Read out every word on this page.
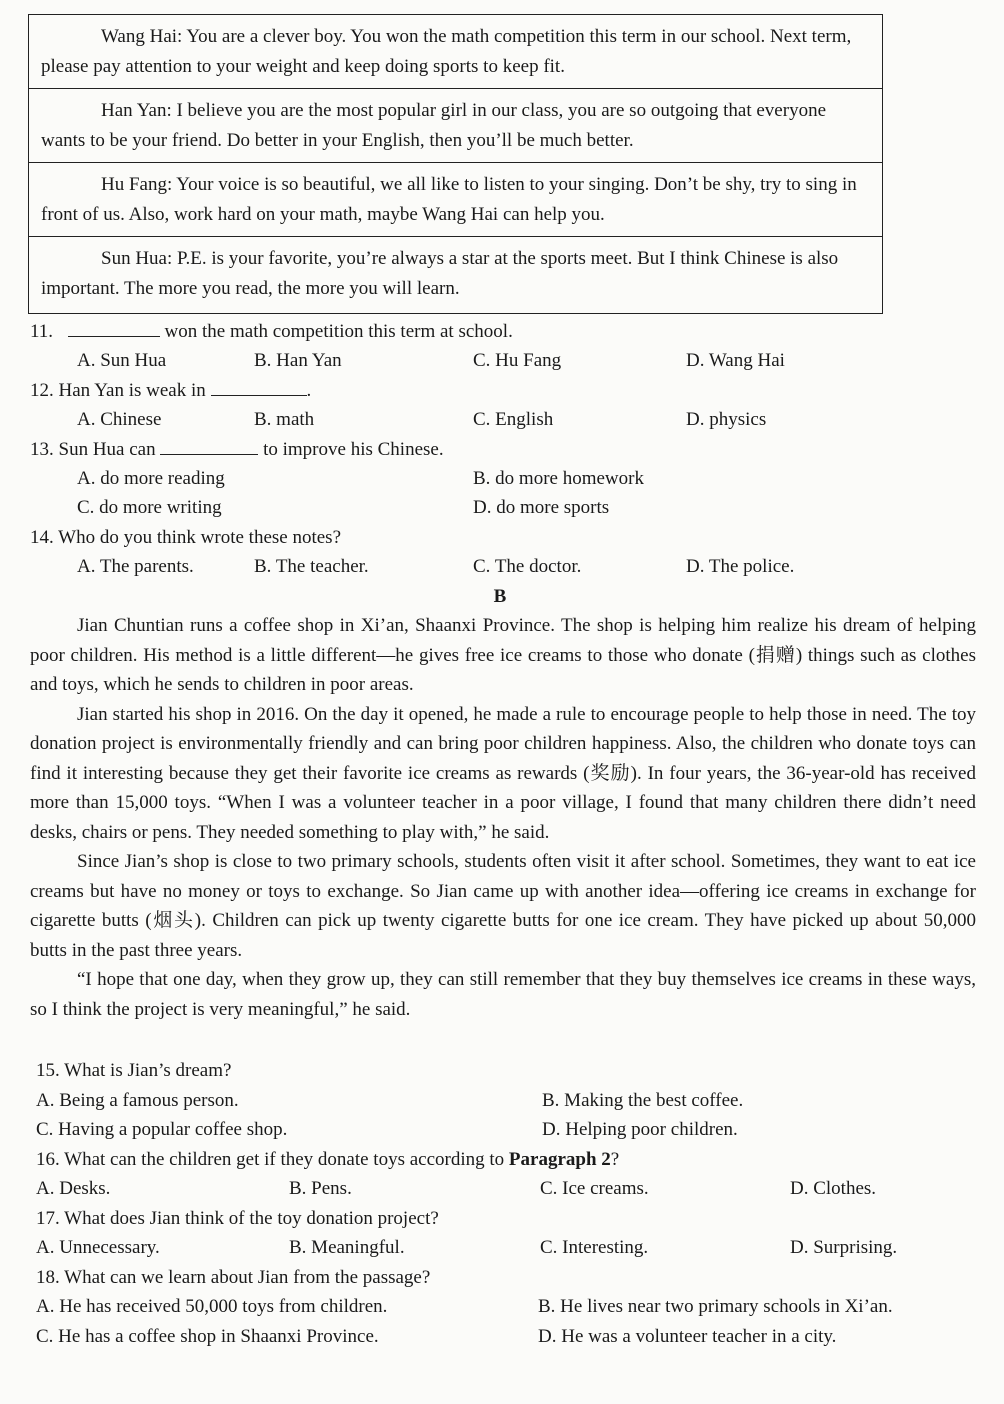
Wang Hai: You are a clever boy. You won the math competition this term in our school. Next term, please pay attention to your weight and keep doing sports to keep fit.
Han Yan: I believe you are the most popular girl in our class, you are so outgoing that everyone wants to be your friend. Do better in your English, then you’ll be much better.
Hu Fang: Your voice is so beautiful, we all like to listen to your singing. Don’t be shy, try to sing in front of us. Also, work hard on your math, maybe Wang Hai can help you.
Sun Hua: P.E. is your favorite, you’re always a star at the sports meet. But I think Chinese is also important. The more you read, the more you will learn.
11.	won the math competition this term at school.
A. Sun Hua	B. Han Yan	C. Hu Fang	D. Wang Hai
12. Han Yan is weak in	.
A. Chinese	B. math	C. English	D. physics
13. Sun Hua can	to improve his Chinese.
A. do more reading	B. do more homework
C. do more writing	D. do more sports
14. Who do you think wrote these notes?
A. The parents.	B. The teacher.	C. The doctor.	D. The police.
B

Jian Chuntian runs a coffee shop in Xi’an, Shaanxi Province. The shop is helping him realize his dream of helping poor children. His method is a little different—he gives free ice creams to those who donate (捐赠) things such as clothes and toys, which he sends to children in poor areas.

Jian started his shop in 2016. On the day it opened, he made a rule to encourage people to help those in need. The toy donation project is environmentally friendly and can bring poor children happiness. Also, the children who donate toys can find it interesting because they get their favorite ice creams as rewards (奖励). In four years, the 36-year-old has received more than 15,000 toys. “When I was a volunteer teacher in a poor village, I found that many children there didn’t need desks, chairs or pens. They needed something to play with,” he said.

Since Jian’s shop is close to two primary schools, students often visit it after school. Sometimes, they want to eat ice creams but have no money or toys to exchange. So Jian came up with another idea—offering ice creams in exchange for cigarette butts (烟头). Children can pick up twenty cigarette butts for one ice cream. They have picked up about 50,000 butts in the past three years.

“I hope that one day, when they grow up, they can still remember that they buy themselves ice creams in these ways, so I think the project is very meaningful,” he said.

15. What is Jian’s dream?
A. Being a famous person.	B. Making the best coffee.
C. Having a popular coffee shop.	D. Helping poor children.
16. What can the children get if they donate toys according to Paragraph 2?
A. Desks.	B. Pens.	C. Ice creams.	D. Clothes.
17. What does Jian think of the toy donation project?
A. Unnecessary.	B. Meaningful.	C. Interesting.	D. Surprising.
18. What can we learn about Jian from the passage?
A. He has received 50,000 toys from children.	B. He lives near two primary schools in Xi’an.
C. He has a coffee shop in Shaanxi Province.	D. He was a volunteer teacher in a city.
